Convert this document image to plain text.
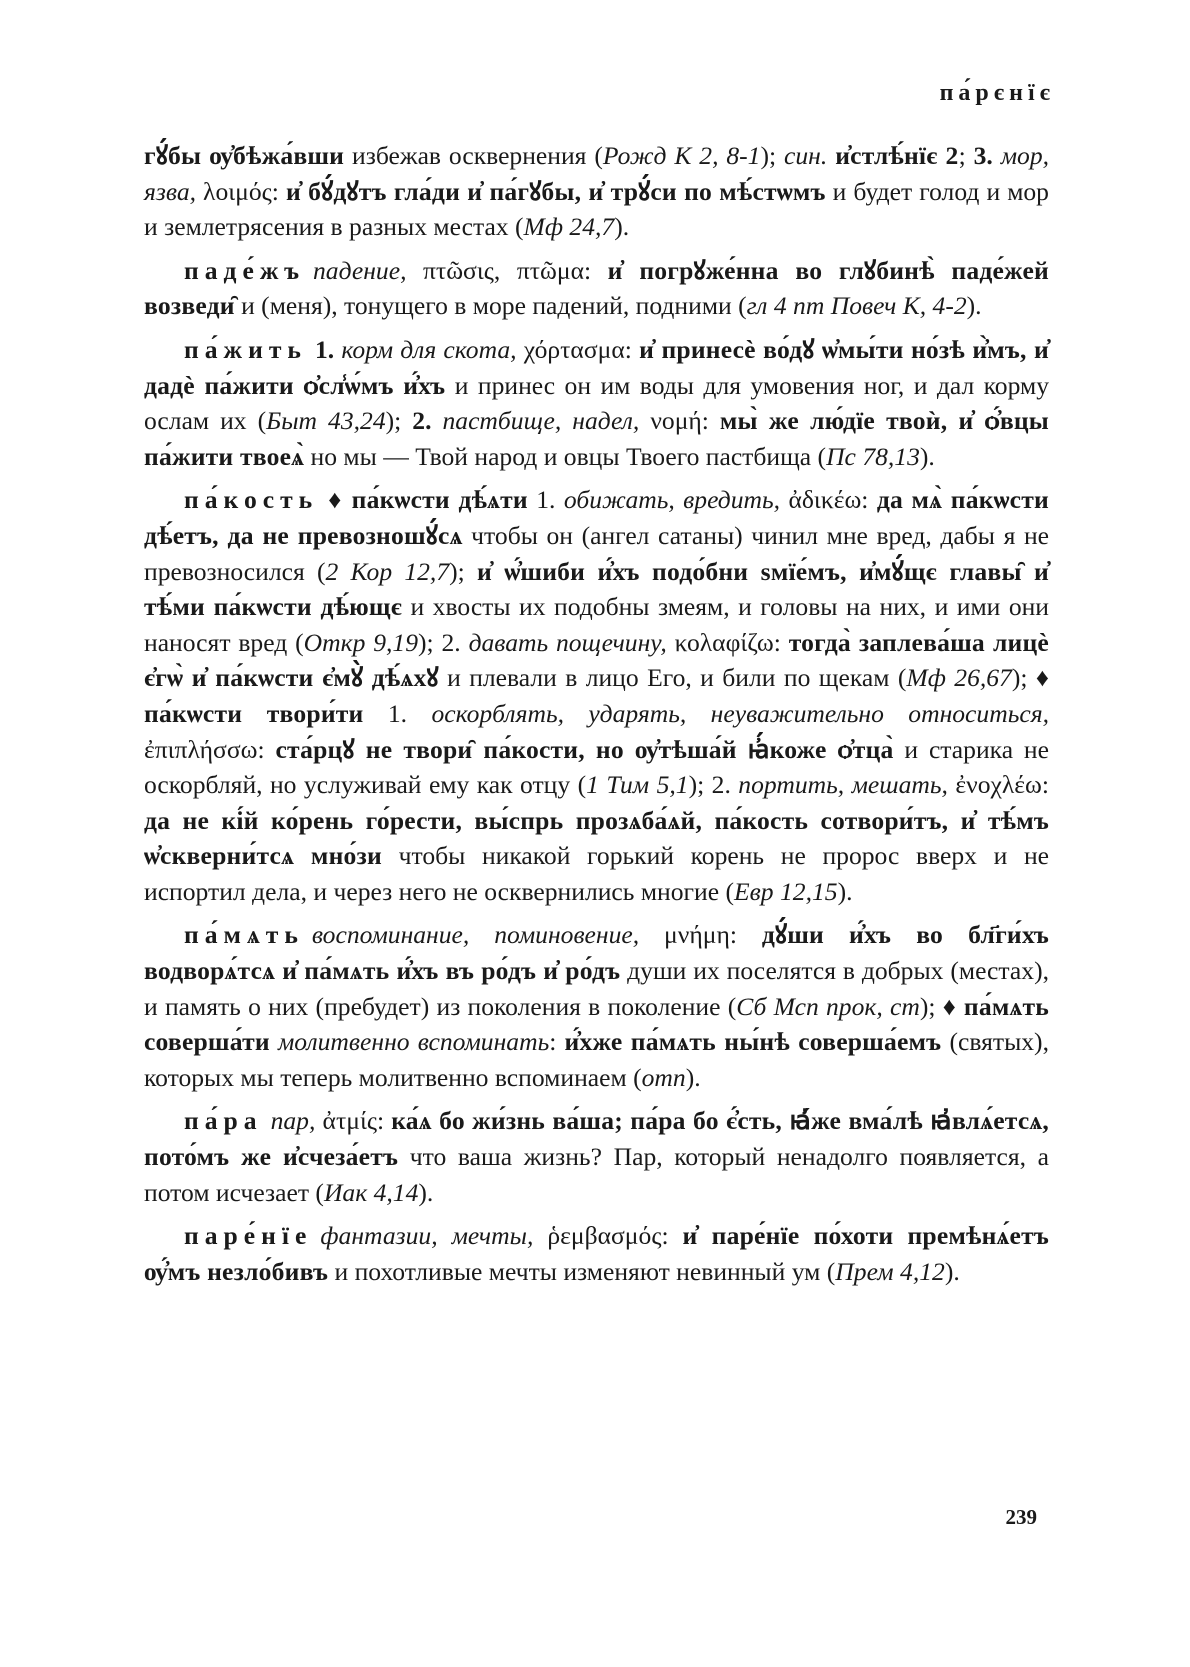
па́рєнїє

гꙋ́бы ѹ҆бѣжа́вши избежав осквернения (Рожд К 2, 8-1); син. и҆стлѣ́нїє 2; 3. мор, язва, λοιμός: и҆ бꙋ́дꙋтъ гла́ди и҆ па́гꙋбы, и҆ трꙋ́си по мѣ́стѡмъ и будет голод и мор и землетрясения в разных местах (Мф 24,7).

паде́жъ падение, πτῶσις, πτῶμα: и҆ погрꙋже́нна во глꙋбинѣ̀ паде́жей возведи̑ и (меня), тонущего в море падений, подними (гл 4 пт Повеч К, 4-2).

па́жить 1. корм для скота, χόρτασμα: и҆ принесѐ во́дꙋ ѡ҆мы́ти но́зѣ и҆̀мъ, и҆ дадѐ па́жити ѻ҆сл̾ѡ́мъ и҆́хъ и принес он им воды для умовения ног, и дал корму ослам их (Быт 43,24); 2. пастбище, надел, νομή: мы̀ же лю́дїе твоѝ, и҆ ѻ҆́вцы па́жити твоеѧ̀ но мы — Твой народ и овцы Твоего пастбища (Пс 78,13).

па́кость ♦ па́кѡсти дѣ́ѧти 1. обижать, вредить, ἀδικέω: да мѧ̀ па́кѡсти дѣ́етъ, да не превозношꙋ́сѧ чтобы он (ангел сатаны) чинил мне вред, дабы я не превозносился (2 Кор 12,7); и҆ ѡ҆́шиби и҆́хъ подо́бни ѕмїе́мъ, и҆мꙋ́щє главы̑ и҆ тѣ́ми па́кѡсти дѣ́ющє и хвосты их подобны змеям, и головы на них, и ими они наносят вред (Откр 9,19); 2. давать пощечину, κολαφίζω: тогда̀ заплева́ша лицѐ є҆гѡ̀ и҆ па́кѡсти є҆мꙋ̀ дѣ́ѧхꙋ и плевали в лицо Его, и били по щекам (Мф 26,67); ♦ па́кѡсти твори́ти 1. оскорблять, ударять, неуважительно относиться, ἐπιπλήσσω: ста́рцꙋ не твори̑ па́кости, но ѹ҆тѣша́й ꙗ҆́коже ѻ҆тца̀ и старика не оскорбляй, но услуживай ему как отцу (1 Тим 5,1); 2. портить, мешать, ἐνοχλέω: да не кі́й ко́рень го́рести, вы́спрь прозѧба́ѧй, па́кость сотвори́тъ, и҆ тѣ́мъ ѡ҆скверни́тсѧ мно́зи чтобы никакой горький корень не пророс вверх и не испортил дела, и через него не осквернились многие (Евр 12,15).

па́мѧть воспоминание, поминовение, μνήμη: дꙋ́ши и҆́хъ во бл҃ги́хъ водворѧ́тсѧ и҆ па́мѧть и҆́хъ въ ро́дъ и҆ ро́дъ души их поселятся в добрых (местах), и память о них (пребудет) из поколения в поколение (Сб Мсп прок, ст); ♦ па́мѧть соверша́ти молитвенно вспоминать: и҆́хже па́мѧть ны́нѣ соверша́емъ (святых), которых мы теперь молитвенно вспоминаем (отп).

па́ра пар, ἀτμίς: ка́ѧ бо жи́знь ва́ша; па́ра бо є҆́сть, ꙗ҆́же вма́лѣ ꙗ҆влѧ́етсѧ, пото́мъ же и҆счеза́етъ что ваша жизнь? Пар, который ненадолго появляется, а потом исчезает (Иак 4,14).

паре́нїе фантазии, мечты, ῥεμβασμός: и҆ паре́нїе по́хоти премѣнѧ́етъ ѹ҆́мъ незло́бивъ и похотливые мечты изменяют невинный ум (Прем 4,12).

239
